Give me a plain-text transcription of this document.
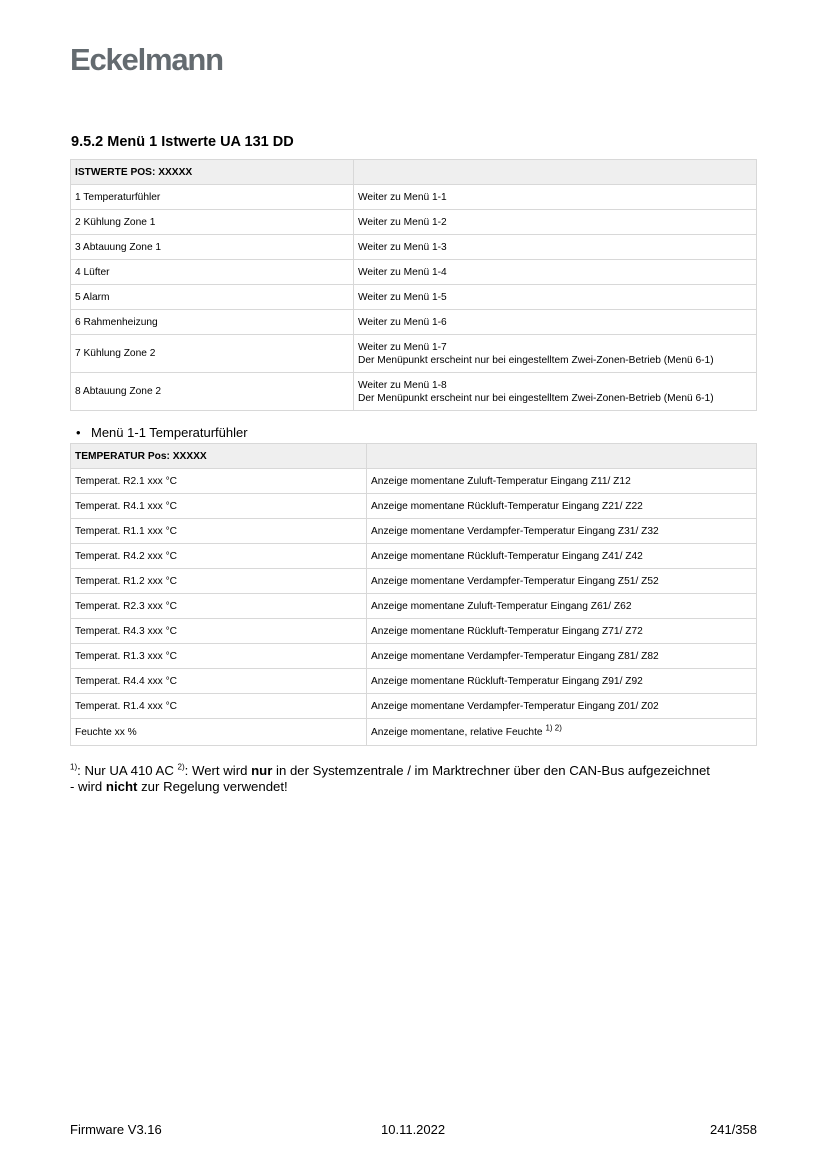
Eckelmann
9.5.2 Menü 1 Istwerte UA 131 DD
ISTWERTE POS: XXXXX	
1 Temperaturfühler	Weiter zu Menü 1-1
2 Kühlung Zone 1	Weiter zu Menü 1-2
3 Abtauung Zone 1	Weiter zu Menü 1-3
4 Lüfter	Weiter zu Menü 1-4
5 Alarm	Weiter zu Menü 1-5
6 Rahmenheizung	Weiter zu Menü 1-6
7 Kühlung Zone 2	Weiter zu Menü 1-7
Der Menüpunkt erscheint nur bei eingestelltem Zwei-Zonen-Betrieb (Menü 6-1)

8 Abtauung Zone 2	Weiter zu Menü 1-8
Der Menüpunkt erscheint nur bei eingestelltem Zwei-Zonen-Betrieb (Menü 6-1)
• Menü 1-1 Temperaturfühler
TEMPERATUR Pos: XXXXX	
Temperat. R2.1 xxx °C	Anzeige momentane Zuluft-Temperatur Eingang Z11/ Z12
Temperat. R4.1 xxx °C	Anzeige momentane Rückluft-Temperatur Eingang Z21/ Z22
Temperat. R1.1 xxx °C	Anzeige momentane Verdampfer-Temperatur Eingang Z31/ Z32
Temperat. R4.2 xxx °C	Anzeige momentane Rückluft-Temperatur Eingang Z41/ Z42
Temperat. R1.2 xxx °C	Anzeige momentane Verdampfer-Temperatur Eingang Z51/ Z52
Temperat. R2.3 xxx °C	Anzeige momentane Zuluft-Temperatur Eingang Z61/ Z62
Temperat. R4.3 xxx °C	Anzeige momentane Rückluft-Temperatur Eingang Z71/ Z72
Temperat. R1.3 xxx °C	Anzeige momentane Verdampfer-Temperatur Eingang Z81/ Z82
Temperat. R4.4 xxx °C	Anzeige momentane Rückluft-Temperatur Eingang Z91/ Z92
Temperat. R1.4 xxx °C	Anzeige momentane Verdampfer-Temperatur Eingang Z01/ Z02
Feuchte xx %	Anzeige momentane, relative Feuchte $^{1) 2)}$
$^{1)}$: Nur UA 410 AC $^{2)}$: Wert wird nur in der Systemzentrale / im Marktrechner über den CAN-Bus aufgezeichnet
- wird nicht zur Regelung verwendet!
Firmware V3.16	10.11.2022	241/358
